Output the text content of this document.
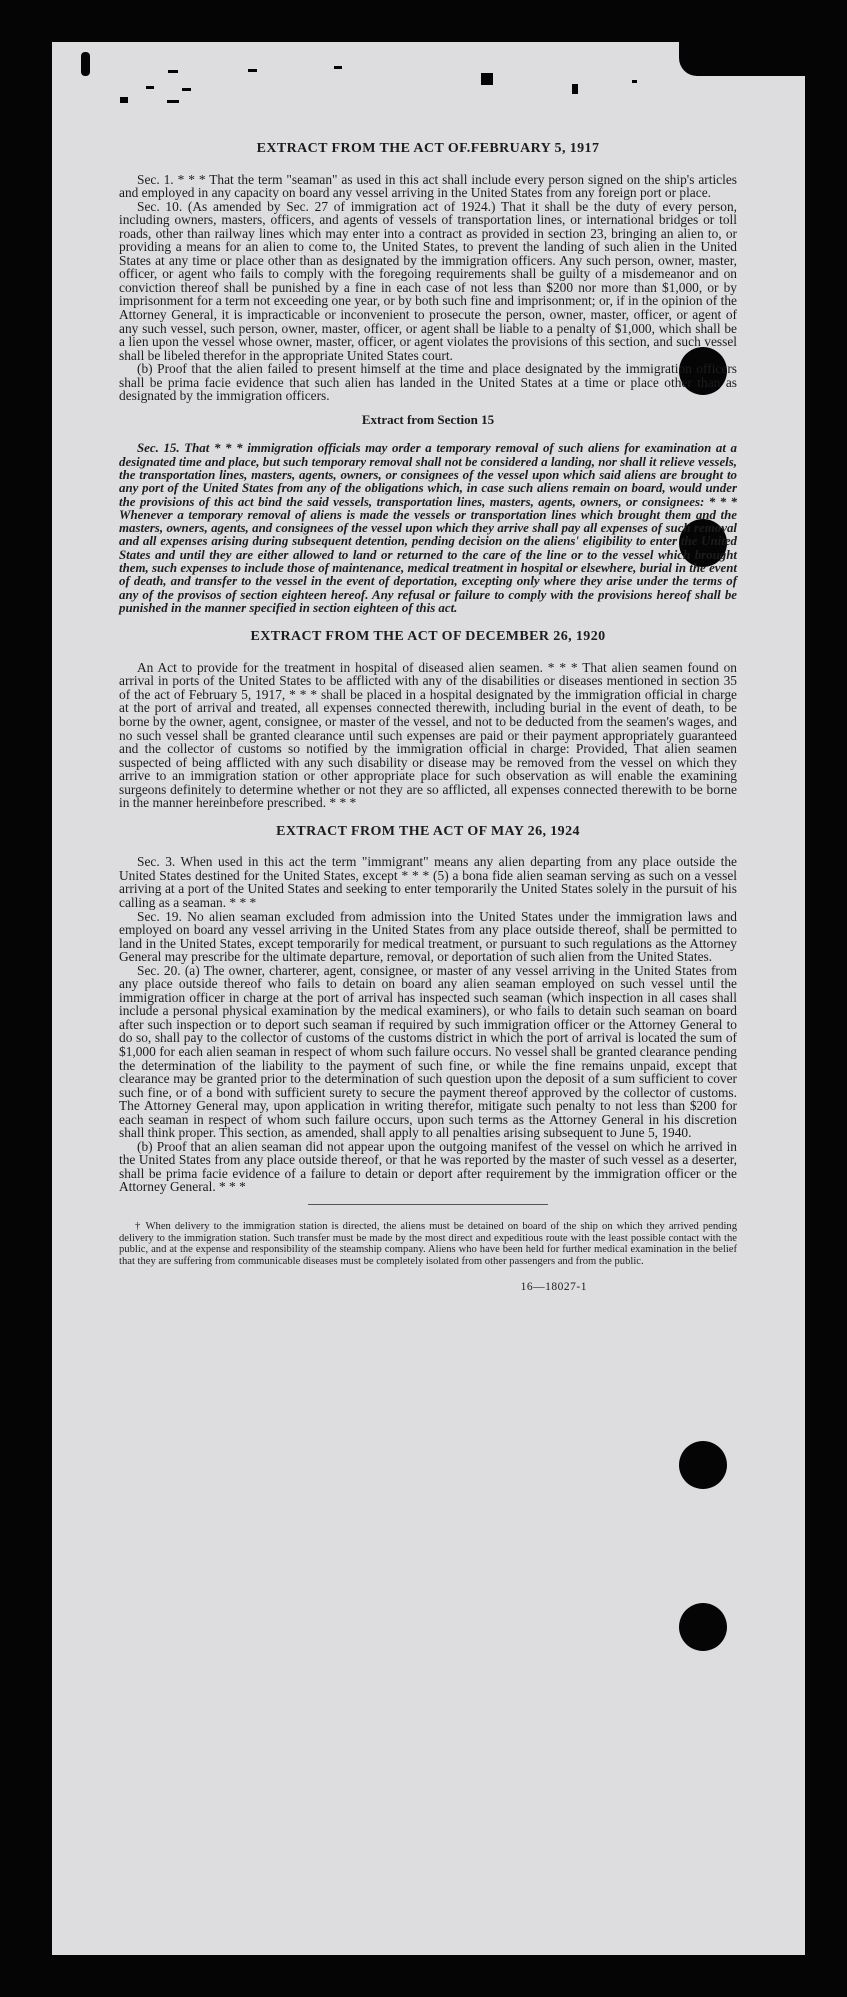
EXTRACT FROM THE ACT OF.FEBRUARY 5, 1917

Sec. 1. * * * That the term "seaman" as used in this act shall include every person signed on the ship's articles and employed in any capacity on board any vessel arriving in the United States from any foreign port or place.

Sec. 10. (As amended by Sec. 27 of immigration act of 1924.) That it shall be the duty of every person, including owners, masters, officers, and agents of vessels of transportation lines, or international bridges or toll roads, other than railway lines which may enter into a contract as provided in section 23, bringing an alien to, or providing a means for an alien to come to, the United States, to prevent the landing of such alien in the United States at any time or place other than as designated by the immigration officers. Any such person, owner, master, officer, or agent who fails to comply with the foregoing requirements shall be guilty of a misdemeanor and on conviction thereof shall be punished by a fine in each case of not less than $200 nor more than $1,000, or by imprisonment for a term not exceeding one year, or by both such fine and imprisonment; or, if in the opinion of the Attorney General, it is impracticable or inconvenient to prosecute the person, owner, master, officer, or agent of any such vessel, such person, owner, master, officer, or agent shall be liable to a penalty of $1,000, which shall be a lien upon the vessel whose owner, master, officer, or agent violates the provisions of this section, and such vessel shall be libeled therefor in the appropriate United States court.

(b) Proof that the alien failed to present himself at the time and place designated by the immigration officers shall be prima facie evidence that such alien has landed in the United States at a time or place other than as designated by the immigration officers.

Extract from Section 15

Sec. 15. That * * * immigration officials may order a temporary removal of such aliens for examination at a designated time and place, but such temporary removal shall not be considered a landing, nor shall it relieve vessels, the transportation lines, masters, agents, owners, or consignees of the vessel upon which said aliens are brought to any port of the United States from any of the obligations which, in case such aliens remain on board, would under the provisions of this act bind the said vessels, transportation lines, masters, agents, owners, or consignees: * * * Whenever a temporary removal of aliens is made the vessels or transportation lines which brought them and the masters, owners, agents, and consignees of the vessel upon which they arrive shall pay all expenses of such removal and all expenses arising during subsequent detention, pending decision on the aliens' eligibility to enter the United States and until they are either allowed to land or returned to the care of the line or to the vessel which brought them, such expenses to include those of maintenance, medical treatment in hospital or elsewhere, burial in the event of death, and transfer to the vessel in the event of deportation, excepting only where they arise under the terms of any of the provisos of section eighteen hereof. Any refusal or failure to comply with the provisions hereof shall be punished in the manner specified in section eighteen of this act.

EXTRACT FROM THE ACT OF DECEMBER 26, 1920

An Act to provide for the treatment in hospital of diseased alien seamen. * * * That alien seamen found on arrival in ports of the United States to be afflicted with any of the disabilities or diseases mentioned in section 35 of the act of February 5, 1917, * * * shall be placed in a hospital designated by the immigration official in charge at the port of arrival and treated, all expenses connected therewith, including burial in the event of death, to be borne by the owner, agent, consignee, or master of the vessel, and not to be deducted from the seamen's wages, and no such vessel shall be granted clearance until such expenses are paid or their payment appropriately guaranteed and the collector of customs so notified by the immigration official in charge: Provided, That alien seamen suspected of being afflicted with any such disability or disease may be removed from the vessel on which they arrive to an immigration station or other appropriate place for such observation as will enable the examining surgeons definitely to determine whether or not they are so afflicted, all expenses connected therewith to be borne in the manner hereinbefore prescribed. * * *

EXTRACT FROM THE ACT OF MAY 26, 1924

Sec. 3. When used in this act the term "immigrant" means any alien departing from any place outside the United States destined for the United States, except * * * (5) a bona fide alien seaman serving as such on a vessel arriving at a port of the United States and seeking to enter temporarily the United States solely in the pursuit of his calling as a seaman. * * *

Sec. 19. No alien seaman excluded from admission into the United States under the immigration laws and employed on board any vessel arriving in the United States from any place outside thereof, shall be permitted to land in the United States, except temporarily for medical treatment, or pursuant to such regulations as the Attorney General may prescribe for the ultimate departure, removal, or deportation of such alien from the United States.

Sec. 20. (a) The owner, charterer, agent, consignee, or master of any vessel arriving in the United States from any place outside thereof who fails to detain on board any alien seaman employed on such vessel until the immigration officer in charge at the port of arrival has inspected such seaman (which inspection in all cases shall include a personal physical examination by the medical examiners), or who fails to detain such seaman on board after such inspection or to deport such seaman if required by such immigration officer or the Attorney General to do so, shall pay to the collector of customs of the customs district in which the port of arrival is located the sum of $1,000 for each alien seaman in respect of whom such failure occurs. No vessel shall be granted clearance pending the determination of the liability to the payment of such fine, or while the fine remains unpaid, except that clearance may be granted prior to the determination of such question upon the deposit of a sum sufficient to cover such fine, or of a bond with sufficient surety to secure the payment thereof approved by the collector of customs. The Attorney General may, upon application in writing therefor, mitigate such penalty to not less than $200 for each seaman in respect of whom such failure occurs, upon such terms as the Attorney General in his discretion shall think proper. This section, as amended, shall apply to all penalties arising subsequent to June 5, 1940.

(b) Proof that an alien seaman did not appear upon the outgoing manifest of the vessel on which he arrived in the United States from any place outside thereof, or that he was reported by the master of such vessel as a deserter, shall be prima facie evidence of a failure to detain or deport after requirement by the immigration officer or the Attorney General. * * *

† When delivery to the immigration station is directed, the aliens must be detained on board of the ship on which they arrived pending delivery to the immigration station. Such transfer must be made by the most direct and expeditious route with the least possible contact with the public, and at the expense and responsibility of the steamship company. Aliens who have been held for further medical examination in the belief that they are suffering from communicable diseases must be completely isolated from other passengers and from the public.

16—18027-1
